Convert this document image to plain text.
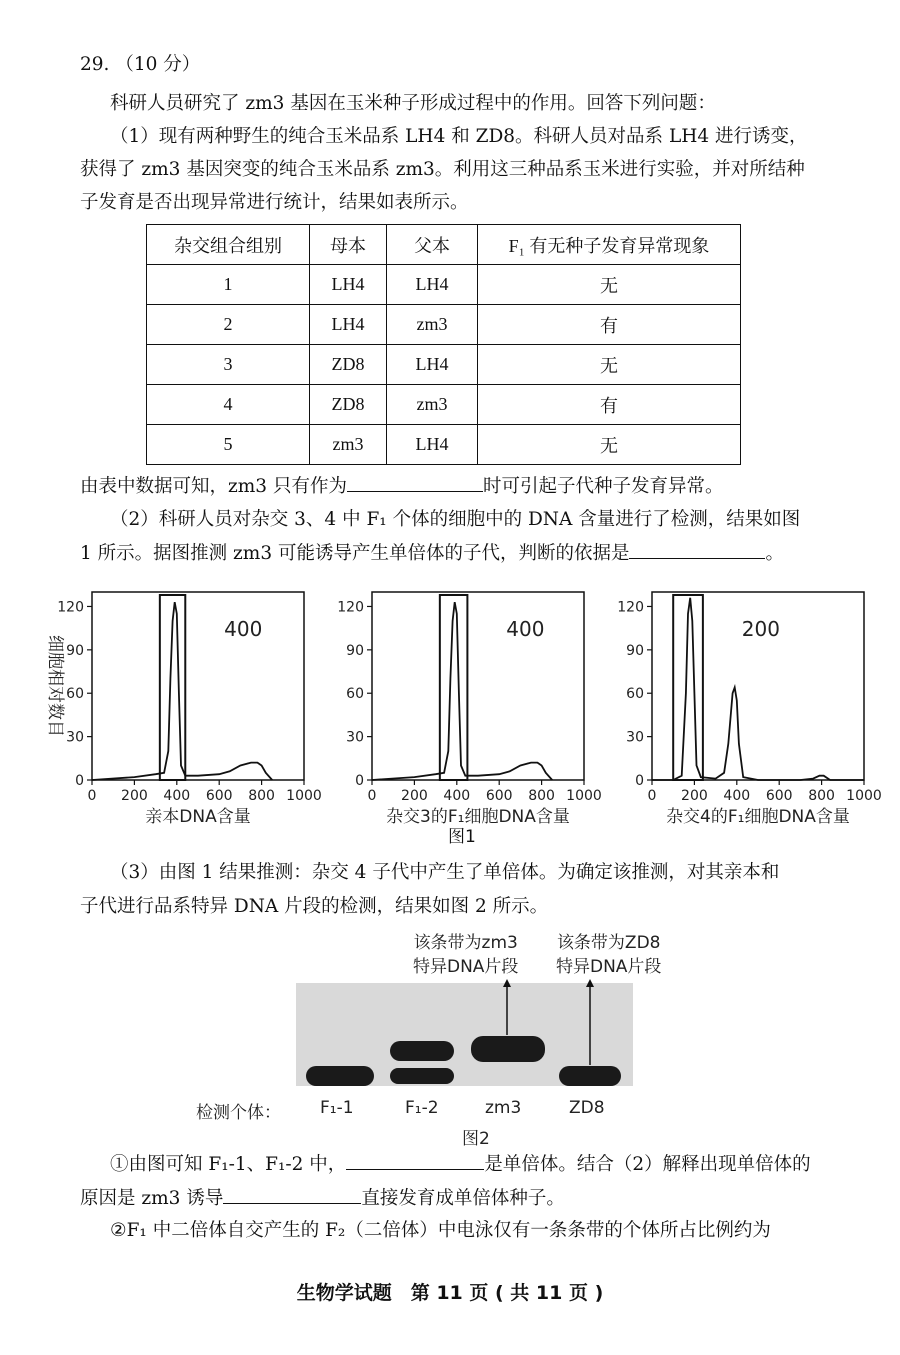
29. （10 分）
科研人员研究了 zm3 基因在玉米种子形成过程中的作用。回答下列问题：
（1）现有两种野生的纯合玉米品系 LH4 和 ZD8。科研人员对品系 LH4 进行诱变，
获得了 zm3 基因突变的纯合玉米品系 zm3。利用这三种品系玉米进行实验，并对所结种
子发育是否出现异常进行统计，结果如表所示。
杂交组合组别	母本	父本	F₁ 有无种子发育异常现象
1	LH4	LH4	无
2	LH4	zm3	有
3	ZD8	LH4	无
4	ZD8	zm3	有
5	zm3	LH4	无
由表中数据可知，zm3 只有作为	时可引起子代种子发育异常。
（2）科研人员对杂交 3、4 中 F₁ 个体的细胞中的 DNA 含量进行了检测，结果如图
1 所示。据图推测 zm3 可能诱导产生单倍体的子代，判断的依据是	。
0
30
60
90
120
0 200 400 600 800 1000
400
亲本DNA含量
细胞相对数目
0
30
60
90
120
0 200 400 600 800 1000
400
杂交3的F₁细胞DNA含量
0
30
60
90
120
0 200 400 600 800 1000
200
杂交4的F₁细胞DNA含量
图1
（3）由图 1 结果推测：杂交 4 子代中产生了单倍体。为确定该推测，对其亲本和
子代进行品系特异 DNA 片段的检测，结果如图 2 所示。
该条带为zm3
特异DNA片段
该条带为ZD8
特异DNA片段
检测个体： F₁-1	F₁-2	zm3	ZD8
图2
①由图可知 F₁-1、F₁-2 中，	是单倍体。结合（2）解释出现单倍体的
原因是 zm3 诱导	直接发育成单倍体种子。
②F₁ 中二倍体自交产生的 F₂（二倍体）中电泳仅有一条条带的个体所占比例约为
生物学试题　第 11 页 ( 共 11 页 )
